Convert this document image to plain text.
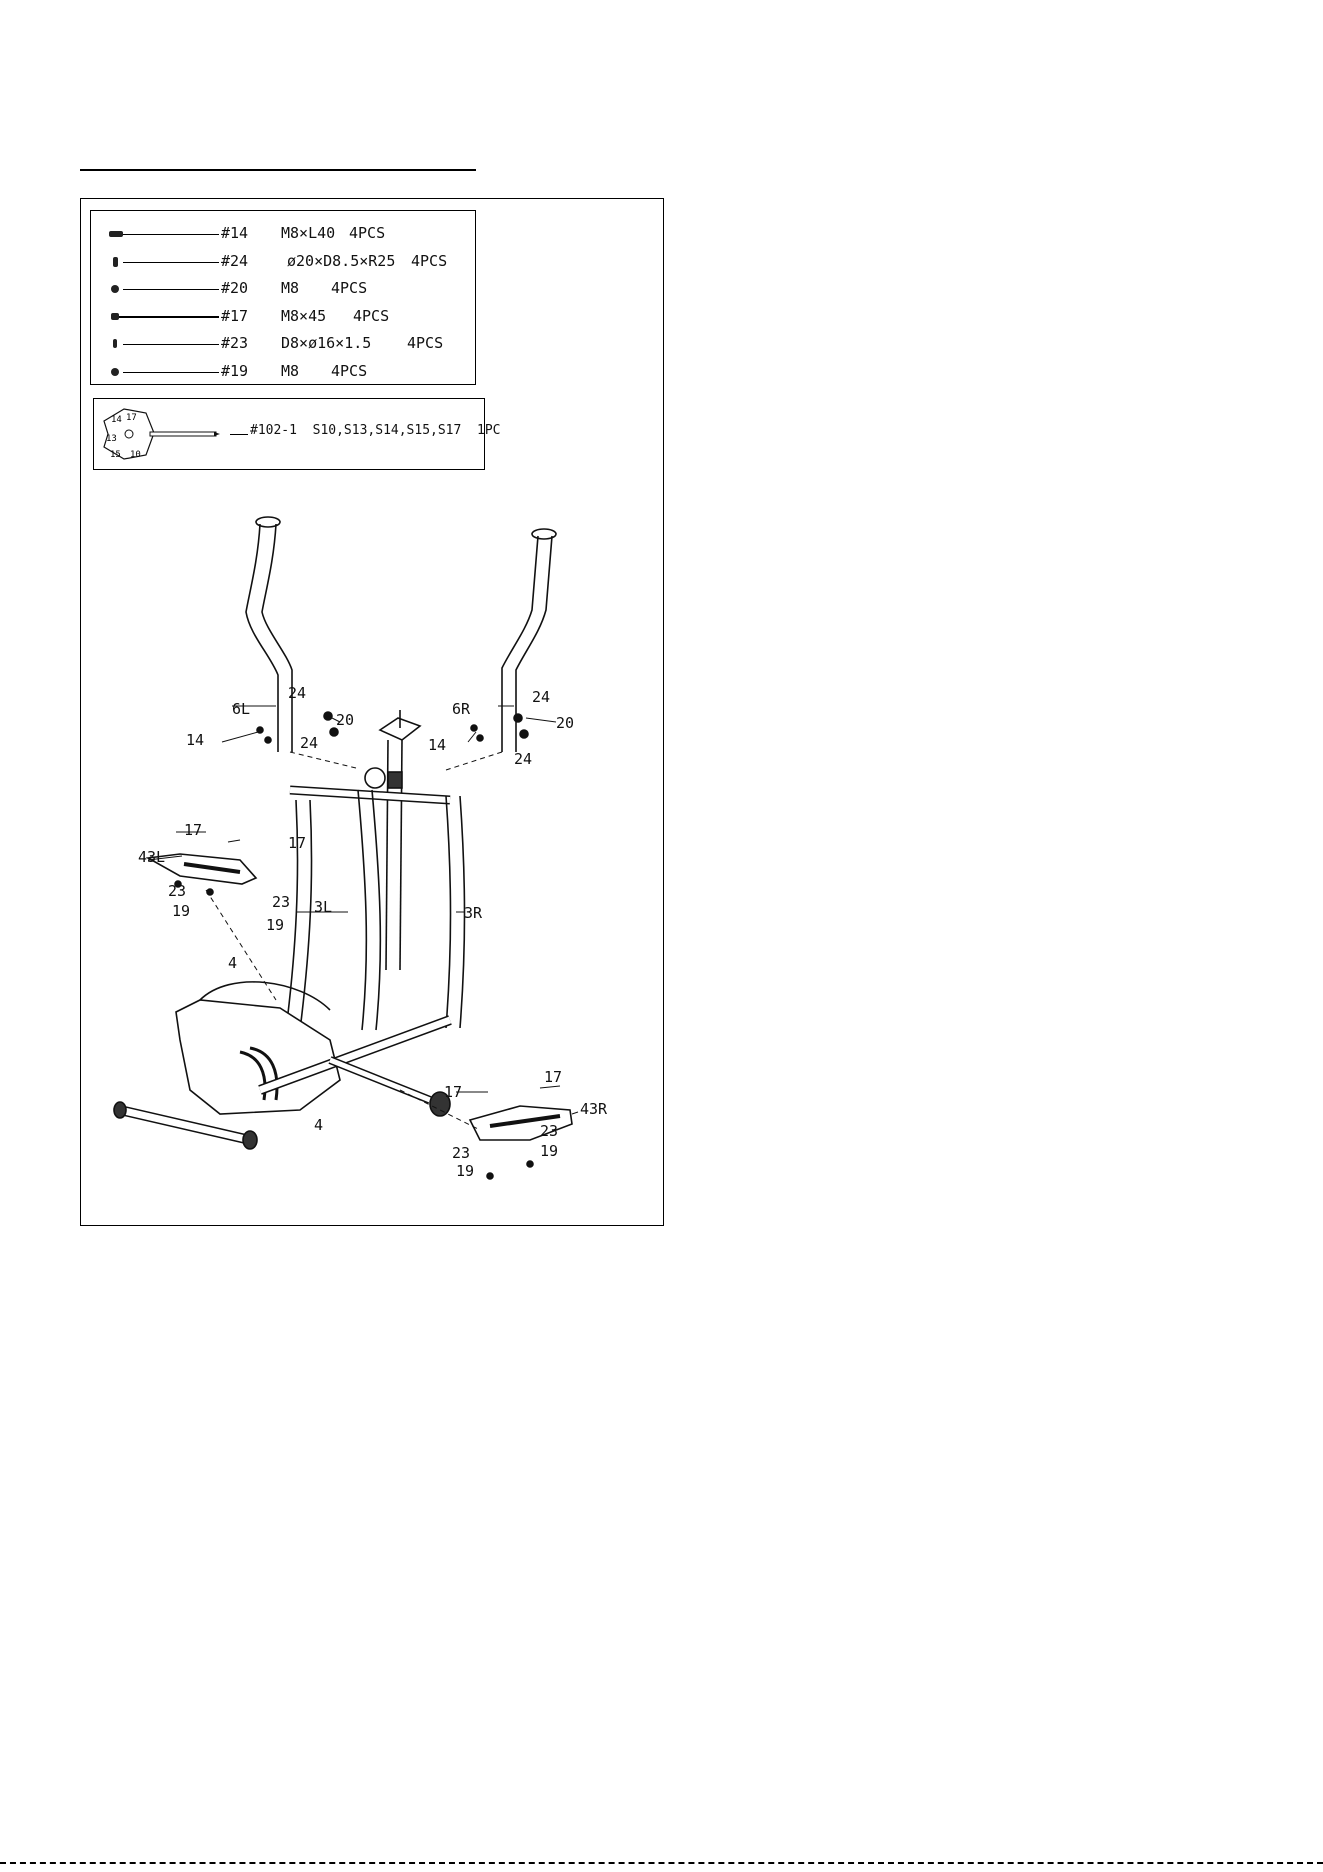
#14 M8×L40 4PCS
#24	ø20×D8.5×R25 4PCS
#20 M8 4PCS
#17 M8×45 4PCS
#23 D8×ø16×1.5 4PCS
#19 M8 4PCS
14 17
13
15 10
#102-1 S10,S13,S14,S15,S17 1PC
6L	6R
14	14
24
24
24
24
20	20
17
17
17
17
43L
43R
23
23
23
23
19
19
19
19
3L	3R
4
4
